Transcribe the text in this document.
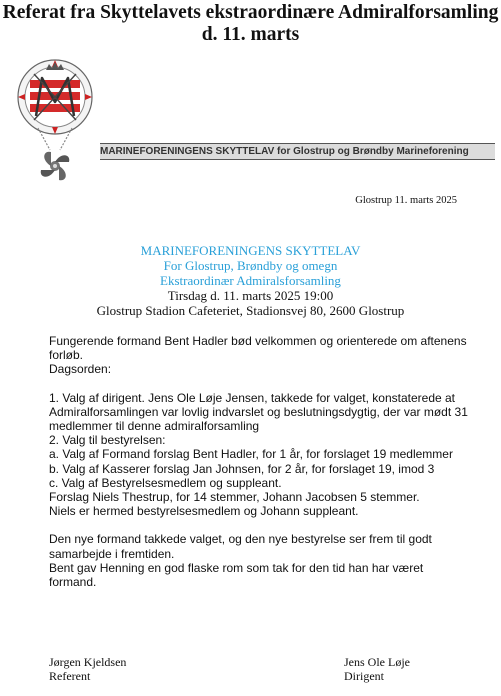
Referat fra Skyttelavets ekstraordinære Admiralforsamling
d. 11. marts
MARINEFORENINGENS SKYTTELAV for Glostrup og Brøndby Marineforening
Glostrup 11. marts 2025
MARINEFORENINGENS SKYTTELAV
For Glostrup, Brøndby og omegn
Ekstraordinær Admiralsforsamling
Tirsdag d. 11. marts 2025 19:00
Glostrup Stadion Cafeteriet, Stadionsvej 80, 2600 Glostrup

Fungerende formand Bent Hadler bød velkommen og orienterede om aftenens

forløb.

Dagsorden:

1. Valg af dirigent. Jens Ole Løje Jensen, takkede for valget, konstaterede at

Admiralforsamlingen var lovlig indvarslet og beslutningsdygtig, der var mødt 31

medlemmer til denne admiralforsamling

2. Valg til bestyrelsen:

a. Valg af Formand forslag Bent Hadler, for 1 år, for forslaget 19 medlemmer

b. Valg af Kasserer forslag Jan Johnsen, for 2 år, for forslaget 19, imod 3

c. Valg af Bestyrelsesmedlem og suppleant.

Forslag Niels Thestrup, for 14 stemmer, Johann Jacobsen 5 stemmer.

Niels er hermed bestyrelsesmedlem og Johann suppleant.

Den nye formand takkede valget, og den nye bestyrelse ser frem til godt

samarbejde i fremtiden.

Bent gav Henning en god flaske rom som tak for den tid han har været formand.

Jørgen Kjeldsen
Referent
Jens Ole Løje
Dirigent
